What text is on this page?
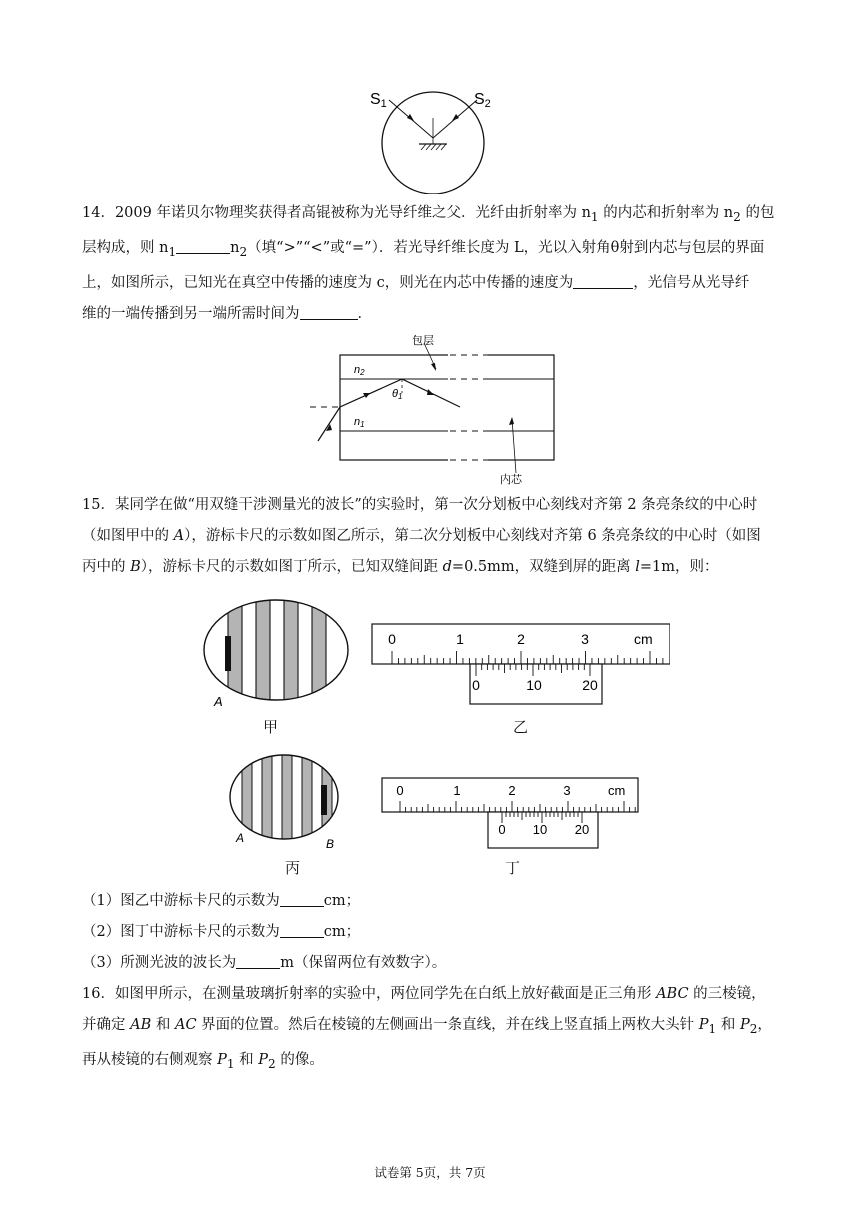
S1	S2

14．2009 年诺贝尔物理奖获得者高锟被称为光导纤维之父．光纤由折射率为 $n_1$ 的内芯和折射率为 $n_2$ 的包

层构成，则 $n_1$	$n_2$（填“>”“<”或“=”）．若光导纤维长度为 L，光以入射角θ射到内芯与包层的界面

上，如图所示，已知光在真空中传播的速度为 c，则光在内芯中传播的速度为	，光信号从光导纤

维的一端传播到另一端所需时间为	．

包层
内芯
n2
n1
θ1

15．某同学在做“用双缝干涉测量光的波长”的实验时，第一次分划板中心刻线对齐第 2 条亮条纹的中心时

（如图甲中的 A），游标卡尺的示数如图乙所示，第二次分划板中心刻线对齐第 6 条亮条纹的中心时（如图

丙中的 B），游标卡尺的示数如图丁所示，已知双缝间距 d=0.5mm，双缝到屏的距离 l=1m，则：

A
甲
0	1	2	3	cm
0	10	20
乙
A	B
丙
0	1	2	3	cm
0 10 20
丁

（1）图乙中游标卡尺的示数为	cm；

（2）图丁中游标卡尺的示数为	cm；

（3）所测光波的波长为	m（保留两位有效数字）。

16．如图甲所示，在测量玻璃折射率的实验中，两位同学先在白纸上放好截面是正三角形 ABC 的三棱镜，

并确定 AB 和 AC 界面的位置。然后在棱镜的左侧画出一条直线，并在线上竖直插上两枚大头针 $P_1$ 和 $P_2$，

再从棱镜的右侧观察 $P_1$ 和 $P_2$ 的像。

试卷第 5页，共 7页
